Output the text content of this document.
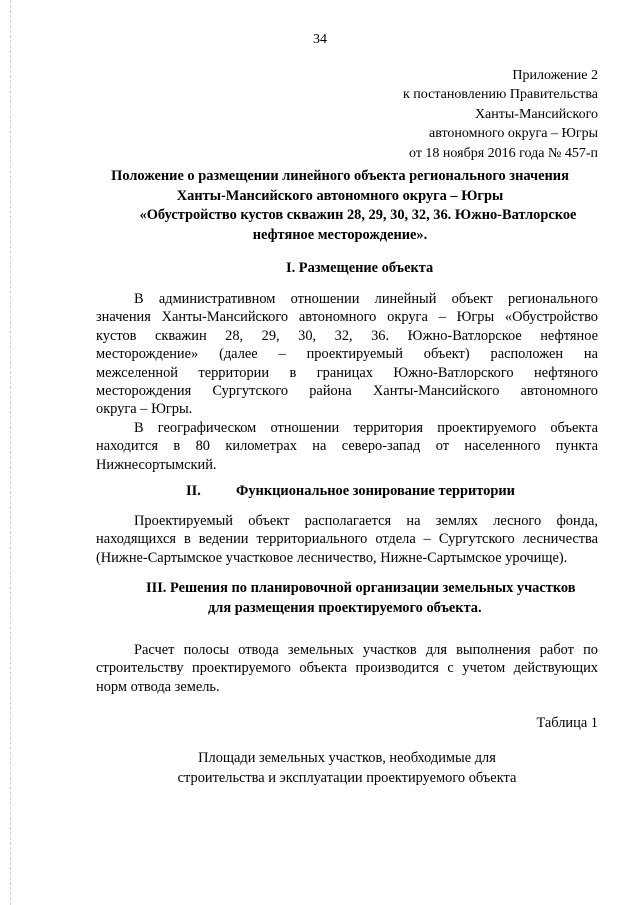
34
Приложение 2
к постановлению Правительства
Ханты-Мансийского
автономного округа – Югры
от 18 ноября 2016 года № 457-п
Положение о размещении линейного объекта регионального значения
Ханты-Мансийского автономного округа – Югры
«Обустройство кустов скважин 28, 29, 30, 32, 36. Южно-Ватлорское
нефтяное месторождение».
I. Размещение объекта
В административном отношении линейный объект регионального
значения Ханты-Мансийского автономного округа – Югры «Обустройство
кустов скважин 28, 29, 30, 32, 36. Южно-Ватлорское нефтяное
месторождение» (далее – проектируемый объект) расположен на
межселенной территории в границах Южно-Ватлорского нефтяного
месторождения Сургутского района Ханты-Мансийского автономного
округа – Югры.
В географическом отношении территория проектируемого объекта
находится в 80 километрах на северо-запад от населенного пункта
Нижнесортымский.
II. Функциональное зонирование территории
Проектируемый объект располагается на землях лесного фонда,
находящихся в ведении территориального отдела – Сургутского лесничества
(Нижне-Сартымское участковое лесничество, Нижне-Сартымское урочище).
III. Решения по планировочной организации земельных участков
для размещения проектируемого объекта.
Расчет полосы отвода земельных участков для выполнения работ по
строительству проектируемого объекта производится с учетом действующих
норм отвода земель.
Таблица 1
Площади земельных участков, необходимые для
строительства и эксплуатации проектируемого объекта
